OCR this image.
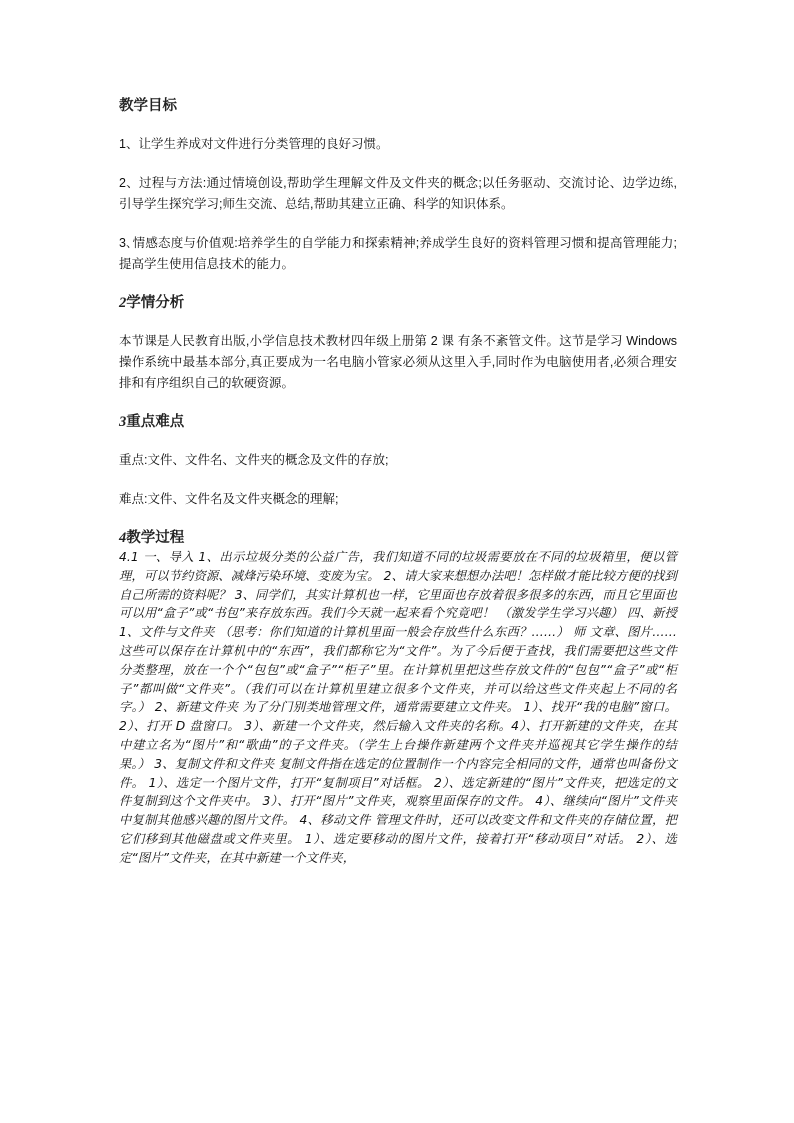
教学目标

1、让学生养成对文件进行分类管理的良好习惯。

2、过程与方法:通过情境创设,帮助学生理解文件及文件夹的概念;以任务驱动、交流讨论、边学边练,引导学生探究学习;师生交流、总结,帮助其建立正确、科学的知识体系。

3､情感态度与价值观:培养学生的自学能力和探索精神;养成学生良好的资料管理习惯和提高管理能力;提高学生使用信息技术的能力。

2学情分析

本节课是人民教育出版,小学信息技术教材四年级上册第 2 课 有条不紊管文件。这节是学习 Windows 操作系统中最基本部分,真正要成为一名电脑小管家必须从这里入手,同时作为电脑使用者,必须合理安排和有序组织自己的软硬资源。

3重点难点

重点:文件、文件名、文件夹的概念及文件的存放;

难点:文件、文件名及文件夹概念的理解;

4教学过程

4.1 一、导入 1、出示垃圾分类的公益广告，我们知道不同的垃圾需要放在不同的垃圾箱里，便以管理，可以节约资源、减烽污染环境、变废为宝。 2、请大家来想想办法吧！怎样做才能比较方便的找到自己所需的资料呢？ 3、同学们，其实计算机也一样，它里面也存放着很多很多的东西，而且它里面也可以用“盒子”或“书包”来存放东西。我们今天就一起来看个究竟吧！ （激发学生学习兴趣） 四、新授 1、文件与文件夹 （思考：你们知道的计算机里面一般会存放些什么东西？……） 师 文章、图片……这些可以保存在计算机中的“东西”，我们都称它为“文件”。为了今后便于查找，我们需要把这些文件分类整理，放在一个个“包包”或“盒子”“柜子”里。在计算机里把这些存放文件的“包包”“盒子”或“柜子”都叫做“文件夹”。（我们可以在计算机里建立很多个文件夹，并可以给这些文件夹起上不同的名字。） 2、新建文件夹 为了分门别类地管理文件，通常需要建立文件夹。 1）、找开“我的电脑”窗口。 2）、打开 D 盘窗口。 3）、新建一个文件夹，然后输入文件夹的名称。4）、打开新建的文件夹，在其中建立名为“图片”和“歌曲”的子文件夹。（学生上台操作新建两个文件夹并巡视其它学生操作的结果。） 3、复制文件和文件夹 复制文件指在选定的位置制作一个内容完全相同的文件，通常也叫备份文件。 1）、选定一个图片文件，打开“复制项目”对话框。 2）、选定新建的“图片”文件夹，把选定的文件复制到这个文件夹中。 3）、打开“图片”文件夹，观察里面保存的文件。 4）、继续向“图片”文件夹中复制其他感兴趣的图片文件。 4、移动文件 管理文件时，还可以改变文件和文件夹的存储位置，把它们移到其他磁盘或文件夹里。 1）、选定要移动的图片文件，接着打开“移动项目”对话。 2）、选定“图片”文件夹，在其中新建一个文件夹，
